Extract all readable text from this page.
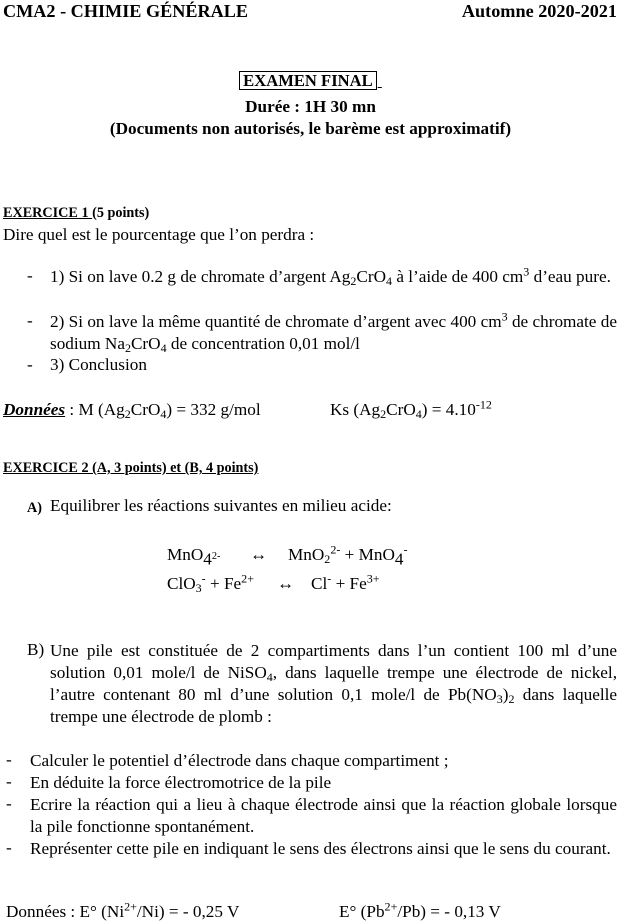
CMA2 - CHIMIE GÉNÉRALE	Automne 2020-2021
EXAMEN FINAL
Durée : 1H 30 mn
(Documents non autorisés, le barème est approximatif)
EXERCICE 1 (5 points)
Dire quel est le pourcentage que l’on perdra :
- 1) Si on lave 0.2 g de chromate d’argent $Ag_2CrO_4$ à l’aide de 400 $cm^3$ d’eau pure.
- 2) Si on lave la même quantité de chromate d’argent avec 400 $cm^3$ de chromate de sodium $Na_2CrO_4$ de concentration 0,01 mol/l
- 3) Conclusion
Données : M $(Ag_2CrO_4) = 332$ g/mol	Ks $(Ag_2CrO_4) = 4.10^{-12}$
EXERCICE 2 (A, 3 points) et (B, 4 points)
A) Equilibrer les réactions suivantes en milieu acide:
MnO$_4^{2-}$ ↔ MnO$_2^{2-}$ + MnO$_4$-
$ClO_3^- + Fe^{2+}$ ↔ $Cl^- + Fe^{3+}$
B) Une pile est constituée de 2 compartiments dans l’un contient 100 ml d’une solution 0,01 mole/l de NiSO$_4$, dans laquelle trempe une électrode de nickel, l’autre contenant 80 ml d’une solution 0,1 mole/l de $Pb(NO_3)_2$ dans laquelle trempe une électrode de plomb :
- Calculer le potentiel d’électrode dans chaque compartiment ;
- En déduite la force électromotrice de la pile
- Ecrire la réaction qui a lieu à chaque électrode ainsi que la réaction globale lorsque la pile fonctionne spontanément.
- Représenter cette pile en indiquant le sens des électrons ainsi que le sens du courant.
Données : E° $(Ni^{2+}/Ni)$ = - 0,25 V	E° $(Pb^{2+}/Pb)$ = - 0,13 V
